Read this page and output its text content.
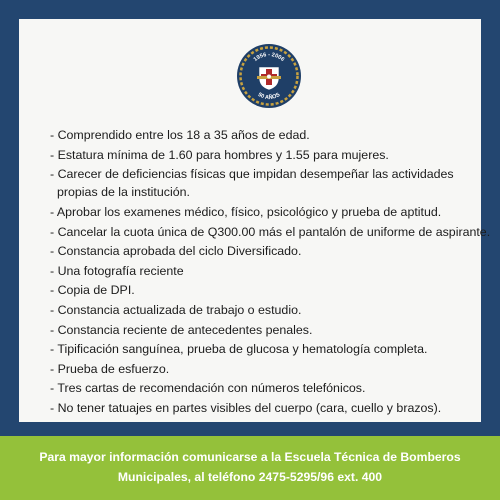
1956 - 2006
50 AÑOS
- Comprendido entre los 18 a 35 años de edad.
- Estatura mínima de 1.60 para hombres y 1.55 para mujeres.
- Carecer de deficiencias físicas que impidan desempeñar las actividades
propias de la institución.
- Aprobar los examenes médico, físico, psicológico y prueba de aptitud.
- Cancelar la cuota única de Q300.00 más el pantalón de uniforme de aspirante.
- Constancia aprobada del ciclo Diversificado.
- Una fotografía reciente
- Copia de DPI.
- Constancia actualizada de trabajo o estudio.
- Constancia reciente de antecedentes penales.
- Tipificación sanguínea, prueba de glucosa y hematología completa.
- Prueba de esfuerzo.
- Tres cartas de recomendación con números telefónicos.
- No tener tatuajes en partes visibles del cuerpo (cara, cuello y brazos).
Para mayor información comunicarse a la Escuela Técnica de Bomberos
Municipales, al teléfono 2475-5295/96 ext. 400
